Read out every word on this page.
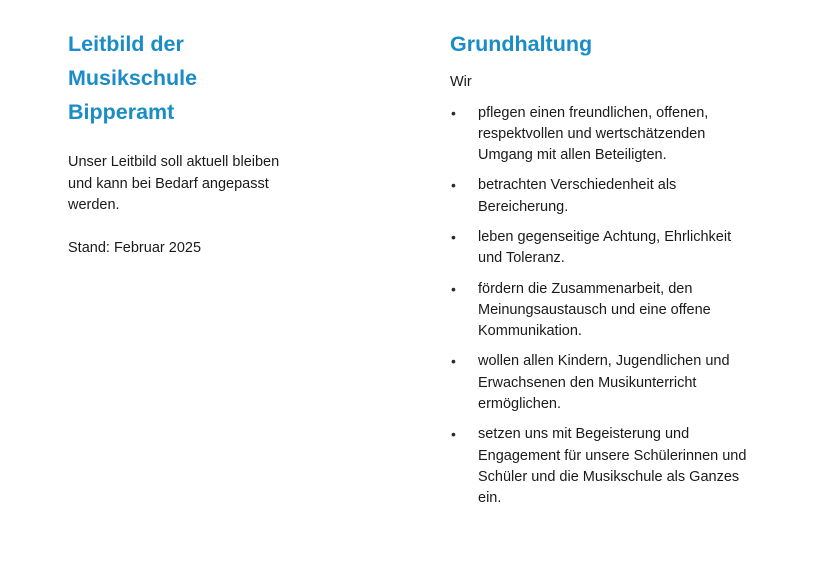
Leitbild der
Musikschule
Bipperamt

Unser Leitbild soll aktuell bleiben
und kann bei Bedarf angepasst
werden.

Stand: Februar 2025

Grundhaltung

Wir

• pflegen einen freundlichen, offenen,
respektvollen und wertschätzenden
Umgang mit allen Beteiligten.
• betrachten Verschiedenheit als
Bereicherung.
• leben gegenseitige Achtung, Ehrlichkeit
und Toleranz.
• fördern die Zusammenarbeit, den
Meinungsaustausch und eine offene
Kommunikation.
• wollen allen Kindern, Jugendlichen und
Erwachsenen den Musikunterricht
ermöglichen.
• setzen uns mit Begeisterung und
Engagement für unsere Schülerinnen und
Schüler und die Musikschule als Ganzes
ein.
